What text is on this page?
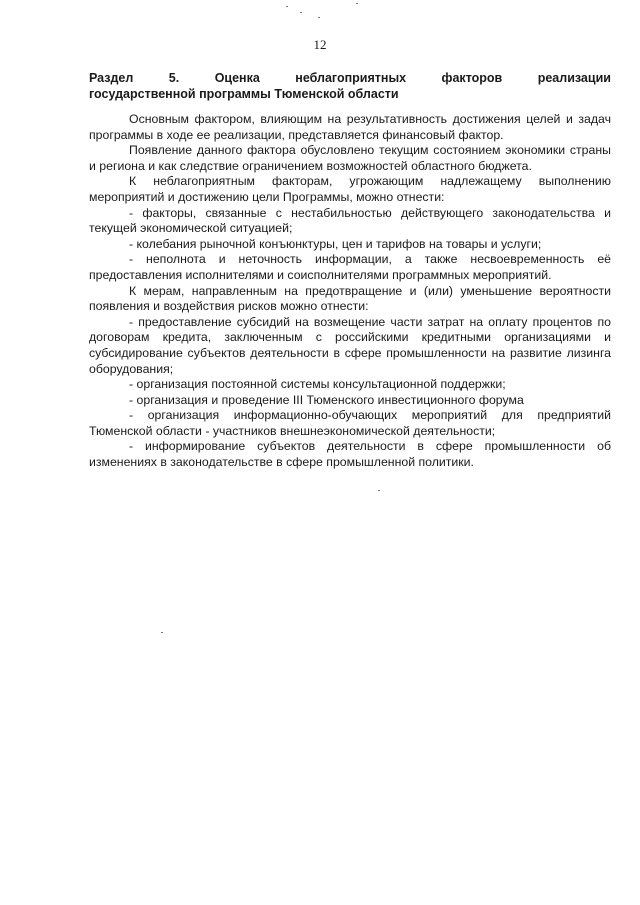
12
Раздел	5.	Оценка	неблагоприятных	факторов	реализации
государственной программы Тюменской области

Основным фактором, влияющим на результативность достижения целей и задач программы в ходе ее реализации, представляется финансовый фактор.

Появление данного фактора обусловлено текущим состоянием экономики страны и региона и как следствие ограничением возможностей областного бюджета.

К неблагоприятным факторам, угрожающим надлежащему выполнению мероприятий и достижению цели Программы, можно отнести:

- факторы, связанные с нестабильностью действующего законодательства и текущей экономической ситуацией;

- колебания рыночной конъюнктуры, цен и тарифов на товары и услуги;

- неполнота и неточность информации, а также несвоевременность её предоставления исполнителями и соисполнителями программных мероприятий.

К мерам, направленным на предотвращение и (или) уменьшение вероятности появления и воздействия рисков можно отнести:

- предоставление субсидий на возмещение части затрат на оплату процентов по договорам кредита, заключенным с российскими кредитными организациями и субсидирование субъектов деятельности в сфере промышленности на развитие лизинга оборудования;

- организация постоянной системы консультационной поддержки;

- организация и проведение III Тюменского инвестиционного форума

- организация информационно-обучающих мероприятий для предприятий Тюменской области - участников внешнеэкономической деятельности;

- информирование субъектов деятельности в сфере промышленности об изменениях в законодательстве в сфере промышленной политики.
